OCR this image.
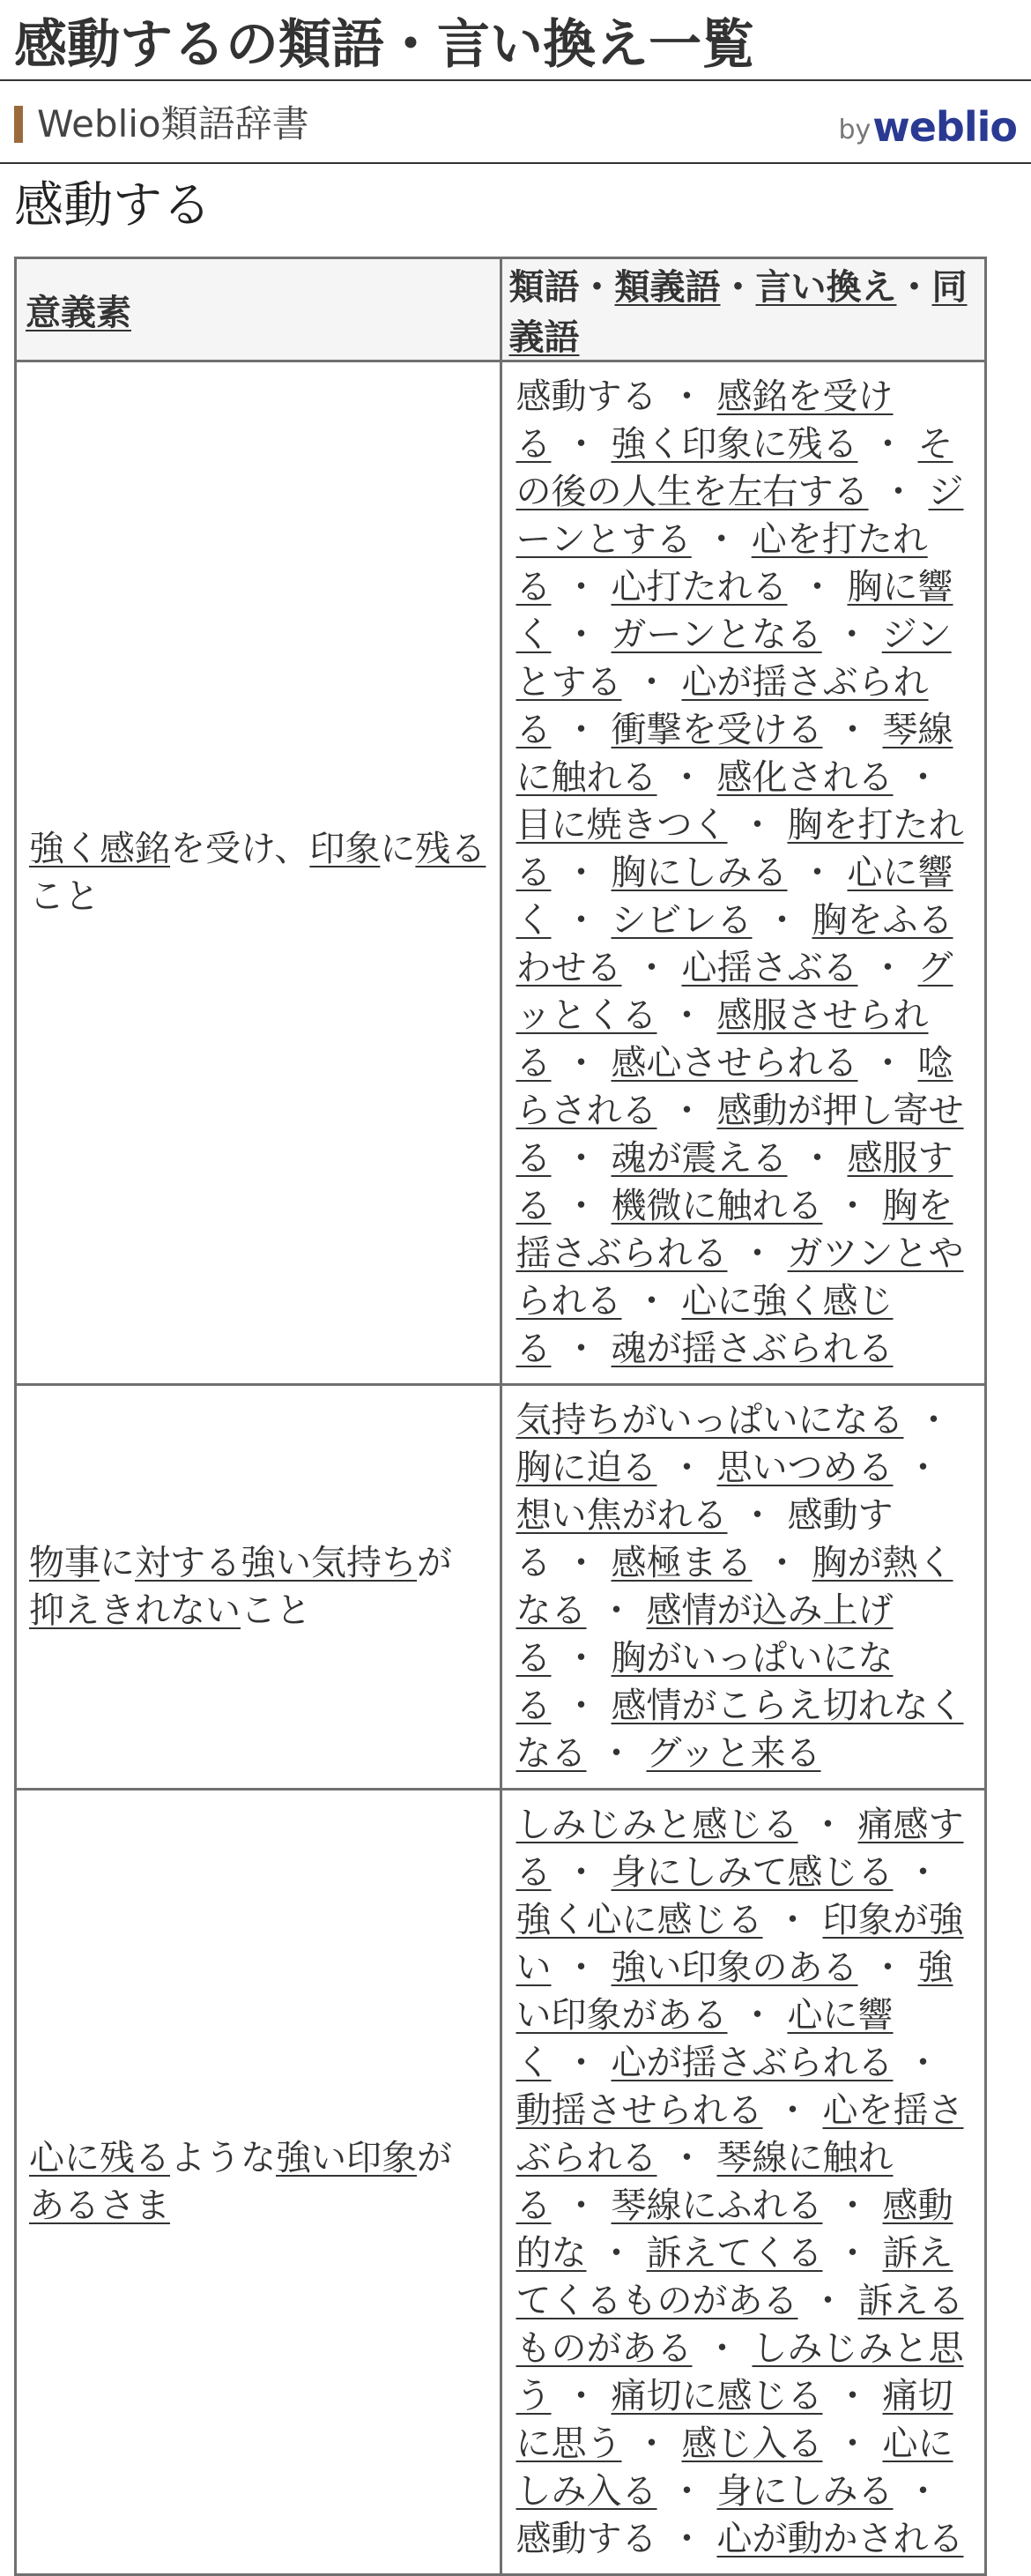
感動するの類語・言い換え一覧
Weblio類語辞書	by weblio
感動する
意義素	類語・類義語・言い換え・同義語
強く感銘を受け、印象に残ること	感動する ・ 感銘を受ける ・ 強く印象に残る ・ その後の人生を左右する ・ ジーンとする ・ 心を打たれる ・ 心打たれる ・ 胸に響く ・ ガーンとなる ・ ジンとする ・ 心が揺さぶられる ・ 衝撃を受ける ・ 琴線に触れる ・ 感化される ・目に焼きつく ・ 胸を打たれる ・ 胸にしみる ・ 心に響く ・ シビレる ・ 胸をふるわせる ・ 心揺さぶる ・ グッとくる ・ 感服させられる ・ 感心させられる ・ 唸らされる ・ 感動が押し寄せる ・ 魂が震える ・ 感服する ・ 機微に触れる ・ 胸を揺さぶられる ・ ガツンとやられる ・ 心に強く感じる ・ 魂が揺さぶられる
物事に対する強い気持ちが抑えきれないこと	気持ちがいっぱいになる ・胸に迫る ・ 思いつめる ・想い焦がれる ・ 感動する ・ 感極まる ・ 胸が熱くなる ・ 感情が込み上げる ・ 胸がいっぱいになる ・ 感情がこらえ切れなくなる ・ グッと来る
心に残るような強い印象があるさま	しみじみと感じる ・ 痛感する ・ 身にしみて感じる ・強く心に感じる ・ 印象が強い ・ 強い印象のある ・ 強い印象がある ・ 心に響く ・ 心が揺さぶられる ・動揺させられる ・ 心を揺さぶられる ・ 琴線に触れる ・ 琴線にふれる ・ 感動的な ・ 訴えてくる ・ 訴えてくるものがある ・ 訴えるものがある ・ しみじみと思う ・ 痛切に感じる ・ 痛切に思う ・ 感じ入る ・ 心にしみ入る ・ 身にしみる ・感動する ・ 心が動かされる
